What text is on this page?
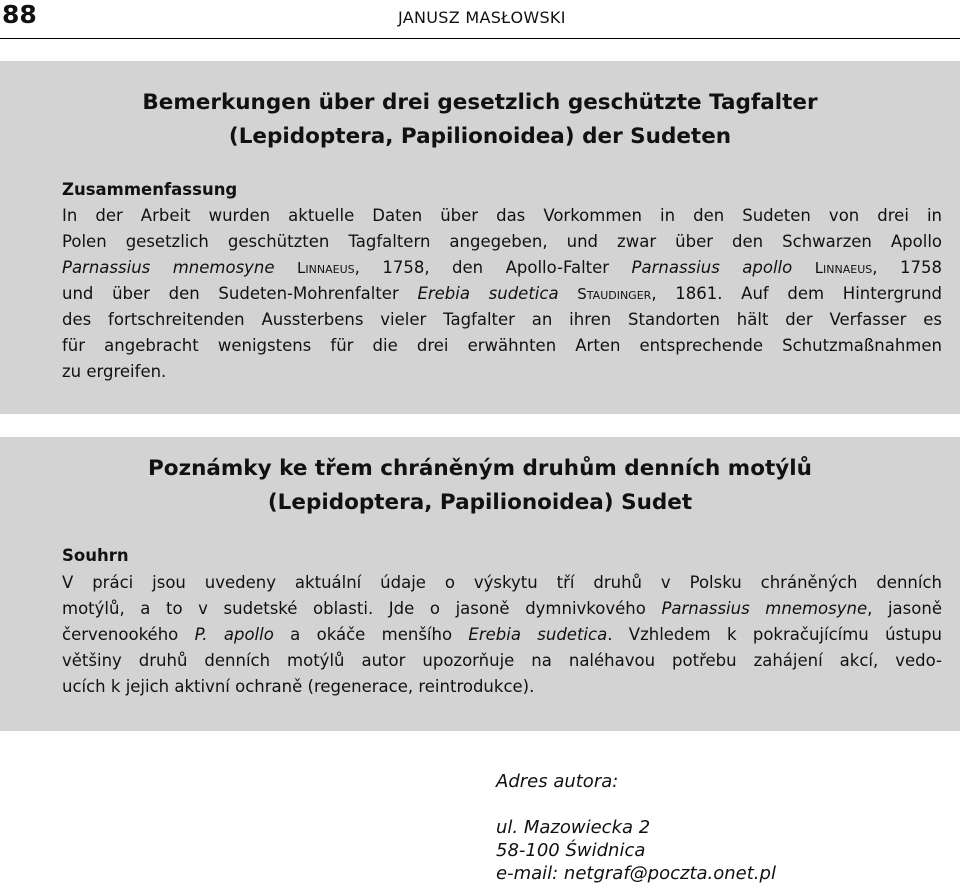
88	JANUSZ MASŁOWSKI
Bemerkungen über drei gesetzlich geschützte Tagfalter
(Lepidoptera, Papilionoidea) der Sudeten
Zusammenfassung
In der Arbeit wurden aktuelle Daten über das Vorkommen in den Sudeten von drei in
Polen gesetzlich geschützten Tagfaltern angegeben, und zwar über den Schwarzen Apollo
Parnassius mnemosyne Linnaeus, 1758, den Apollo-Falter Parnassius apollo Linnaeus, 1758
und über den Sudeten-Mohrenfalter Erebia sudetica Staudinger, 1861. Auf dem Hintergrund
des fortschreitenden Aussterbens vieler Tagfalter an ihren Standorten hält der Verfasser es
für angebracht wenigstens für die drei erwähnten Arten entsprechende Schutzmaßnahmen
zu ergreifen.
Poznámky ke třem chráněným druhům denních motýlů
(Lepidoptera, Papilionoidea) Sudet
Souhrn
V práci jsou uvedeny aktuální údaje o výskytu tří druhů v Polsku chráněných denních
motýlů, a to v sudetské oblasti. Jde o jasoně dymnivkového Parnassius mnemosyne, jasoně
červenookého P. apollo a okáče menšího Erebia sudetica. Vzhledem k pokračujícímu ústupu
většiny druhů denních motýlů autor upozorňuje na naléhavou potřebu zahájení akcí, vedo-
ucích k jejich aktivní ochraně (regenerace, reintrodukce).
Adres autora:
ul. Mazowiecka 2
58-100 Świdnica
e-mail: netgraf@poczta.onet.pl
